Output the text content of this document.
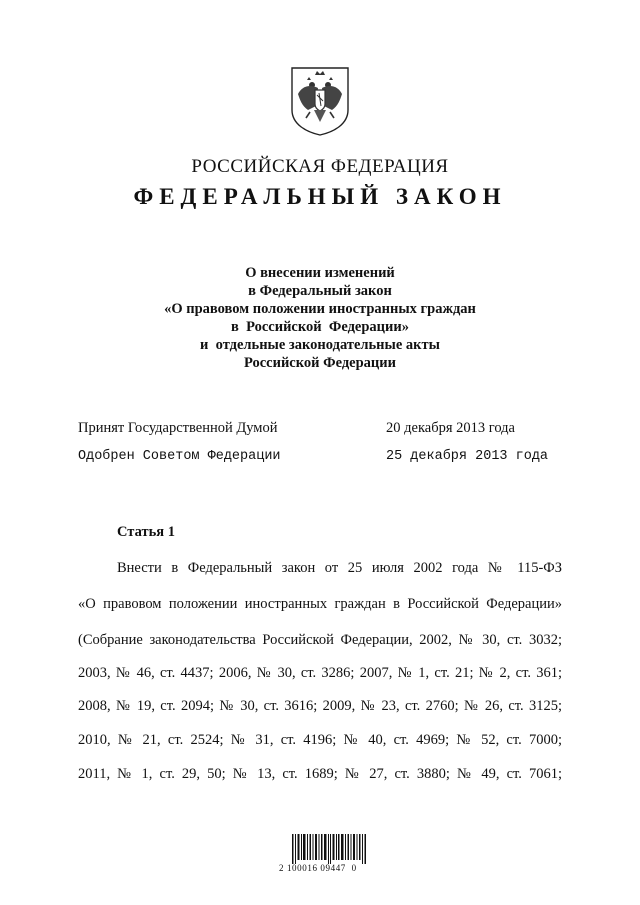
РОССИЙСКАЯ ФЕДЕРАЦИЯ
ФЕДЕРАЛЬНЫЙ ЗАКОН
О внесении изменений
в Федеральный закон
«О правовом положении иностранных граждан
в  Российской  Федерации»
и  отдельные законодательные акты
Российской Федерации
Принят Государственной Думой	20 декабря 2013 года
Одобрен Советом Федерации	25 декабря 2013 года
Статья 1
Внести в Федеральный закон от 25 июля 2002 года № 115-ФЗ
«О правовом положении иностранных граждан в Российской Федерации»
(Собрание законодательства Российской Федерации, 2002, № 30, ст. 3032;
2003, № 46, ст. 4437; 2006, № 30, ст. 3286; 2007, № 1, ст. 21; № 2, ст. 361;
2008, № 19, ст. 2094; № 30, ст. 3616; 2009, № 23, ст. 2760; № 26, ст. 3125;
2010, № 21, ст. 2524; № 31, ст. 4196; № 40, ст. 4969; № 52, ст. 7000;
2011, № 1, ст. 29, 50; № 13, ст. 1689; № 27, ст. 3880; № 49, ст. 7061;
2 100016 09447  0
